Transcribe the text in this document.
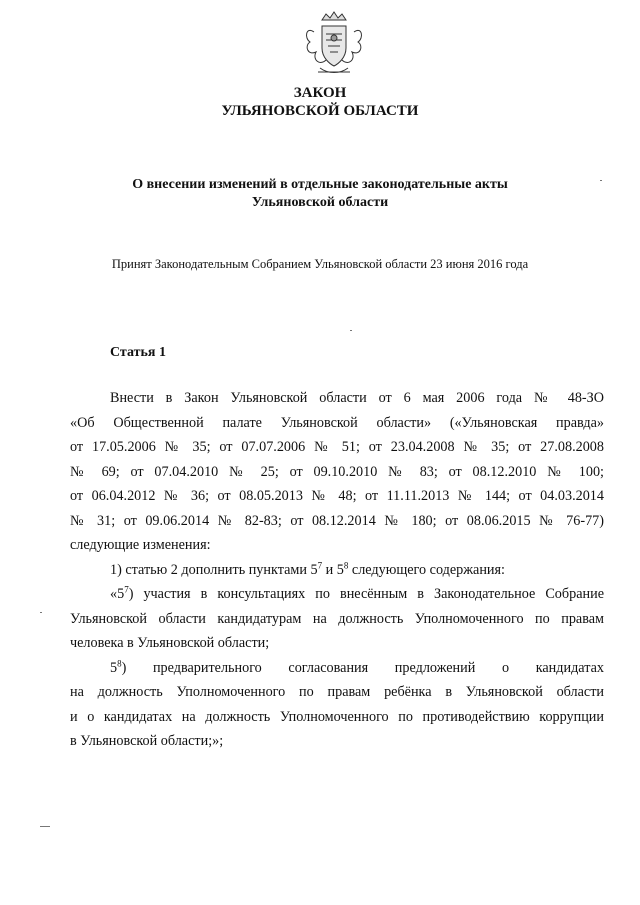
ЗАКОН
УЛЬЯНОВСКОЙ ОБЛАСТИ
О внесении изменений в отдельные законодательные акты
Ульяновской области
Принят Законодательным Собранием Ульяновской области 23 июня 2016 года
Статья 1
Внести в Закон Ульяновской области от 6 мая 2006 года № 48-ЗО
«Об Общественной палате Ульяновской области» («Ульяновская правда»
от 17.05.2006 № 35; от 07.07.2006 № 51; от 23.04.2008 № 35; от 27.08.2008
№ 69; от 07.04.2010 № 25; от 09.10.2010 № 83; от 08.12.2010 № 100;
от 06.04.2012 № 36; от 08.05.2013 № 48; от 11.11.2013 № 144; от 04.03.2014
№ 31; от 09.06.2014 № 82-83; от 08.12.2014 № 180; от 08.06.2015 № 76-77)
следующие изменения:
1) статью 2 дополнить пунктами $5^7$ и $5^8$ следующего содержания:
«$5^7$) участия в консультациях по внесённым в Законодательное Собрание
Ульяновской области кандидатурам на должность Уполномоченного по правам
человека в Ульяновской области;
$5^8$) предварительного согласования предложений о кандидатах
на должность Уполномоченного по правам ребёнка в Ульяновской области
и о кандидатах на должность Уполномоченного по противодействию коррупции
в Ульяновской области;»;
